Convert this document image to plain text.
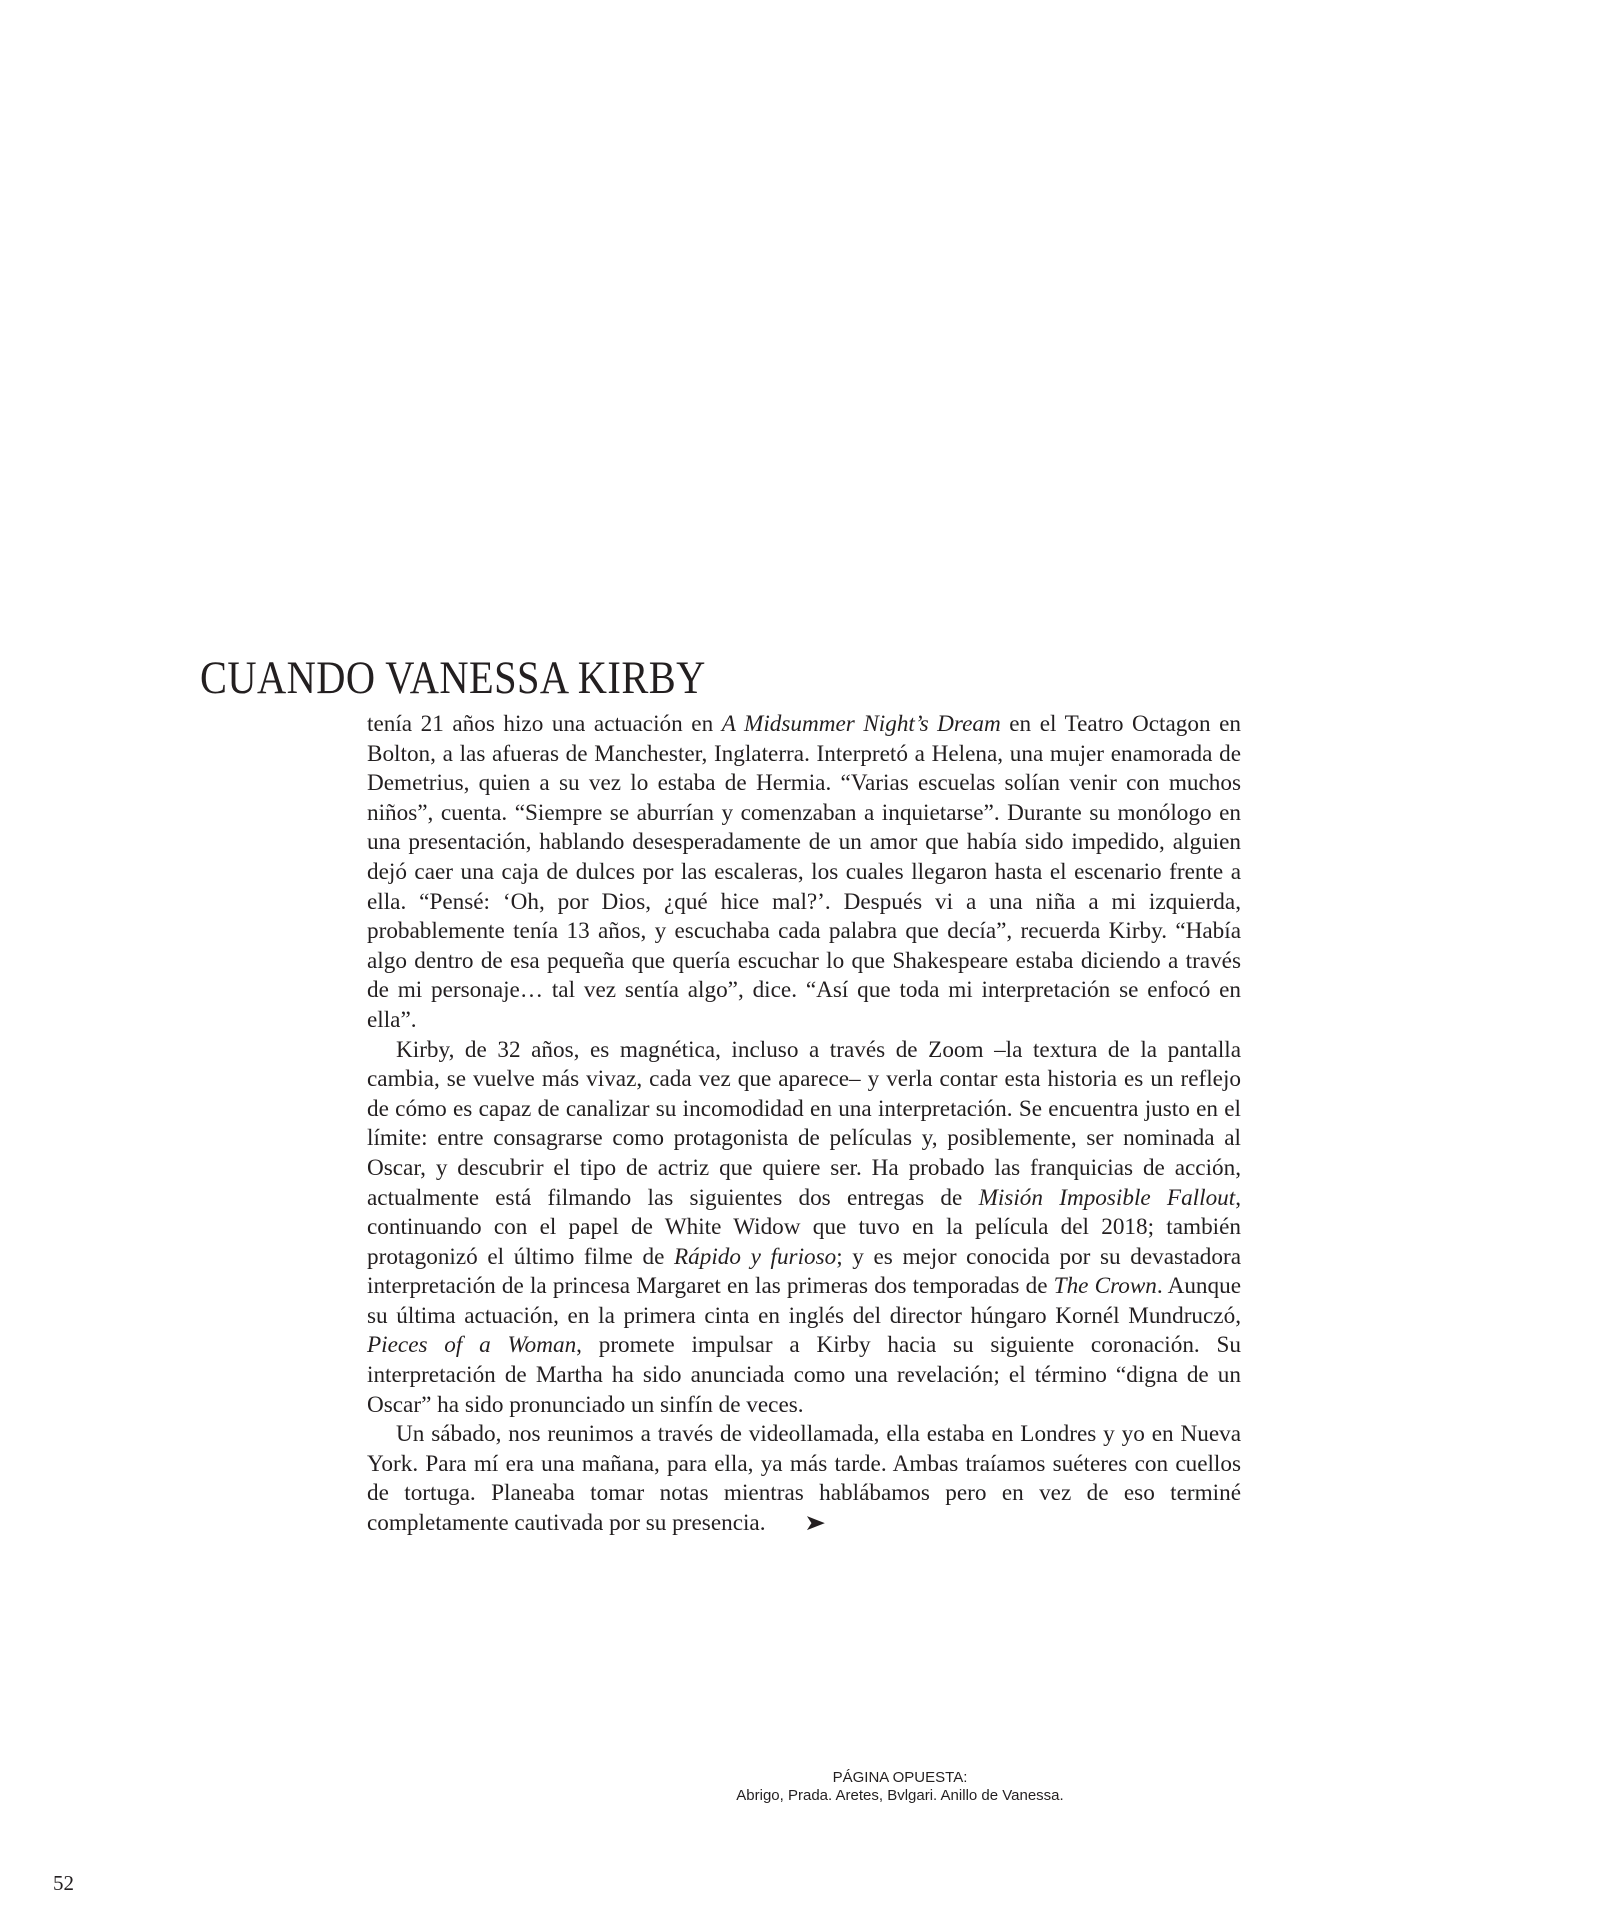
CUANDO VANESSA KIRBY

tenía 21 años hizo una actuación en A Midsummer Night’s Dream en el Teatro Octagon en Bolton, a las afueras de Manchester, Inglaterra. Interpretó a Helena, una mujer enamorada de Demetrius, quien a su vez lo estaba de Hermia. “Varias escuelas solían venir con muchos niños”, cuenta. “Siempre se aburrían y comenzaban a inquietarse”. Durante su monólogo en una presentación, hablando desesperadamente de un amor que había sido impedido, alguien dejó caer una caja de dulces por las escaleras, los cuales llegaron hasta el escenario frente a ella. “Pensé: ‘Oh, por Dios, ¿qué hice mal?’. Después vi a una niña a mi izquierda, probablemente tenía 13 años, y escuchaba cada palabra que decía”, recuerda Kirby. “Había algo dentro de esa pequeña que quería escuchar lo que Shakespeare estaba diciendo a través de mi personaje… tal vez sentía algo”, dice. “Así que toda mi interpretación se enfocó en ella”.

Kirby, de 32 años, es magnética, incluso a través de Zoom –la textura de la pantalla cambia, se vuelve más vivaz, cada vez que aparece– y verla contar esta historia es un reflejo de cómo es capaz de canalizar su incomodidad en una interpretación. Se encuentra justo en el límite: entre consagrarse como protagonista de películas y, posiblemente, ser nominada al Oscar, y descubrir el tipo de actriz que quiere ser. Ha probado las franquicias de acción, actualmente está filmando las siguientes dos entregas de Misión Imposible Fallout, continuando con el papel de White Widow que tuvo en la película del 2018; también protagonizó el último filme de Rápido y furioso; y es mejor conocida por su devastadora interpretación de la princesa Margaret en las primeras dos temporadas de The Crown. Aunque su última actuación, en la primera cinta en inglés del director húngaro Kornél Mundruczó, Pieces of a Woman, promete impulsar a Kirby hacia su siguiente coronación. Su interpretación de Martha ha sido anunciada como una revelación; el término “digna de un Oscar” ha sido pronunciado un sinfín de veces.

Un sábado, nos reunimos a través de videollamada, ella estaba en Londres y yo en Nueva York. Para mí era una mañana, para ella, ya más tarde. Ambas traíamos suéteres con cuellos de tortuga. Planeaba tomar notas mientras hablábamos pero en vez de eso terminé completamente cautivada por su presencia. ➤

PÁGINA OPUESTA:
Abrigo, Prada. Aretes, Bvlgari. Anillo de Vanessa.
52
